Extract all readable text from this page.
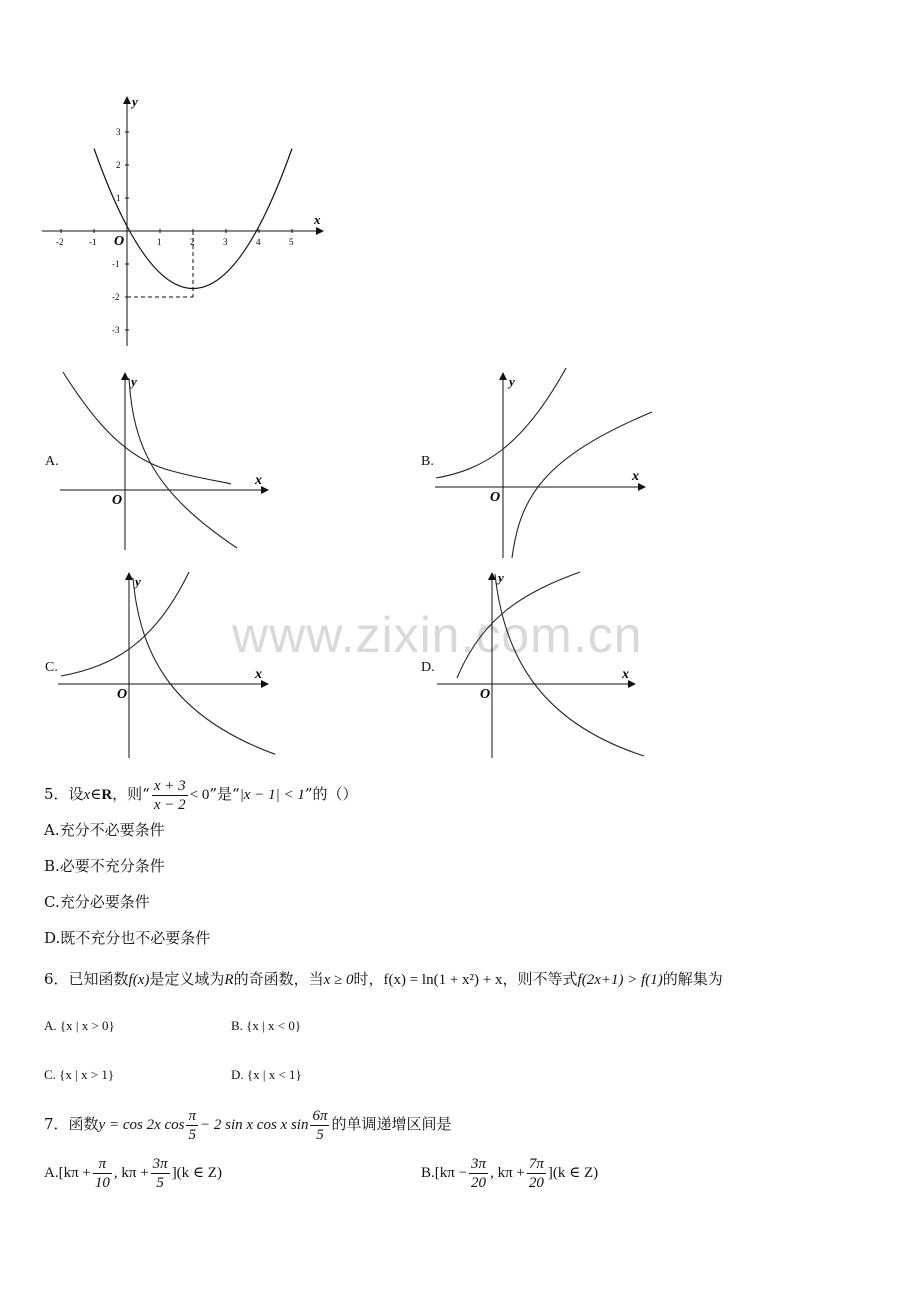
www.zixin.com.cn
x
y
O
-2	-1	1	2	3	4	5
3
2
1
-1
-2
-3
A.
x
y
O
B.
x
y
O
C.	x
y
O
D.	x
y
O
5．设x∈R，则“ $\frac{x + 3}{x - 2} < 0$”是“|x − 1| < 1”的（）
A.充分不必要条件
B.必要不充分条件
C.充分必要条件
D.既不充分也不必要条件
6．已知函数f(x)是定义域为R的奇函数，当x ≥ 0时，f(x) = ln(1 + x²) + x，则不等式f(2x+1) > f(1)的解集为
A. {x | x > 0}	B. {x | x < 0}
C. {x | x > 1}	D. {x | x < 1}
7．函数y = cos 2x $\cos \frac{\pi}{5} - 2$ sin x cos x $\sin \frac{6\pi}{5}$ 的单调递增区间是
$A.[k\pi + \frac{\pi}{10}$ , $k\pi + \frac{3\pi}{5} ](k$ ∈ Z)	$B.[k\pi - \frac{3\pi}{20}$ , $k\pi + \frac{7\pi}{20} ](k$ ∈ Z)
